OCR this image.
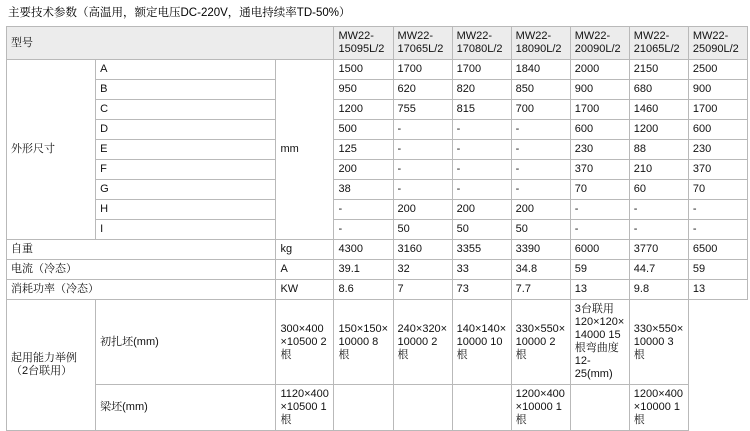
主要技术参数（高温用，额定电压DC-220V，通电持续率TD-50%）
型号			MW22-15095L/2	MW22-17065L/2	MW22-17080L/2	MW22-18090L/2	MW22-20090L/2	MW22-21065L/2	MW22-25090L/2
外形尺寸	A	mm	1500	1700	1700	1840	2000	2150	2500
	B		950	620	820	850	900	680	900
	C		1200	755	815	700	1700	1460	1700
	D		500	-	-	-	600	1200	600
	E		125	-	-	-	230	88	230
	F		200	-	-	-	370	210	370
	G		38	-	-	-	70	60	70
	H		-	200	200	200	-	-	-
	I		-	50	50	50	-	-	-
自重		kg	4300	3160	3355	3390	6000	3770	6500
电流（冷态）		A	39.1	32	33	34.8	59	44.7	59
消耗功率（冷态）		KW	8.6	7	73	7.7	13	9.8	13
起用能力举例（2台联用）	初扎坯(mm)	300×400×10500 2根	150×150×10000 8根	240×320×10000 2根	140×140×10000 10根	330×550×10000 2根	3台联用120×120×14000 15根弯曲度12-25(mm)	330×550×10000 3根	
	梁坯(mm)	1120×400×10500 1根				1200×400×10000 1根		1200×400×10000 1根	
